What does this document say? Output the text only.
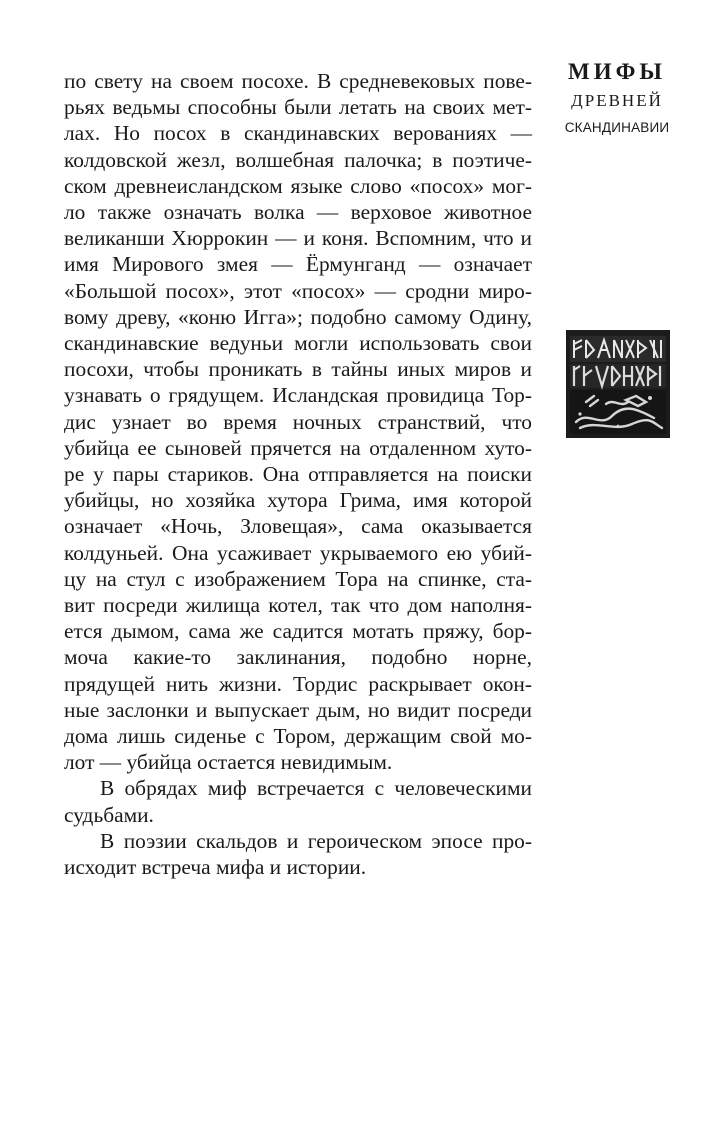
МИФЫ
ДРЕВНЕЙ
СКАНДИНАВИИ
по свету на своем посохе. В средневековых пове-
рьях ведьмы способны были летать на своих мет-
лах. Но посох в скандинавских верованиях —
колдовской жезл, волшебная палочка; в поэтиче-
ском древнеисландском языке слово «посох» мог-
ло также означать волка — верховое животное
великанши Хюррокин — и коня. Вспомним, что и
имя Мирового змея — Ёрмунганд — означает
«Большой посох», этот «посох» — сродни миро-
вому древу, «коню Игга»; подобно самому Одину,
скандинавские ведуньи могли использовать свои
посохи, чтобы проникать в тайны иных миров и
узнавать о грядущем. Исландская провидица Тор-
дис узнает во время ночных странствий, что
убийца ее сыновей прячется на отдаленном хуто-
ре у пары стариков. Она отправляется на поиски
убийцы, но хозяйка хутора Грима, имя которой
означает «Ночь, Зловещая», сама оказывается
колдуньей. Она усаживает укрываемого ею убий-
цу на стул с изображением Тора на спинке, ста-
вит посреди жилища котел, так что дом наполня-
ется дымом, сама же садится мотать пряжу, бор-
моча какие-то заклинания, подобно норне,
прядущей нить жизни. Тордис раскрывает окон-
ные заслонки и выпускает дым, но видит посреди
дома лишь сиденье с Тором, держащим свой мо-
лот — убийца остается невидимым.
В обрядах миф встречается с человеческими
судьбами.
В поэзии скальдов и героическом эпосе про-
исходит встреча мифа и истории.
